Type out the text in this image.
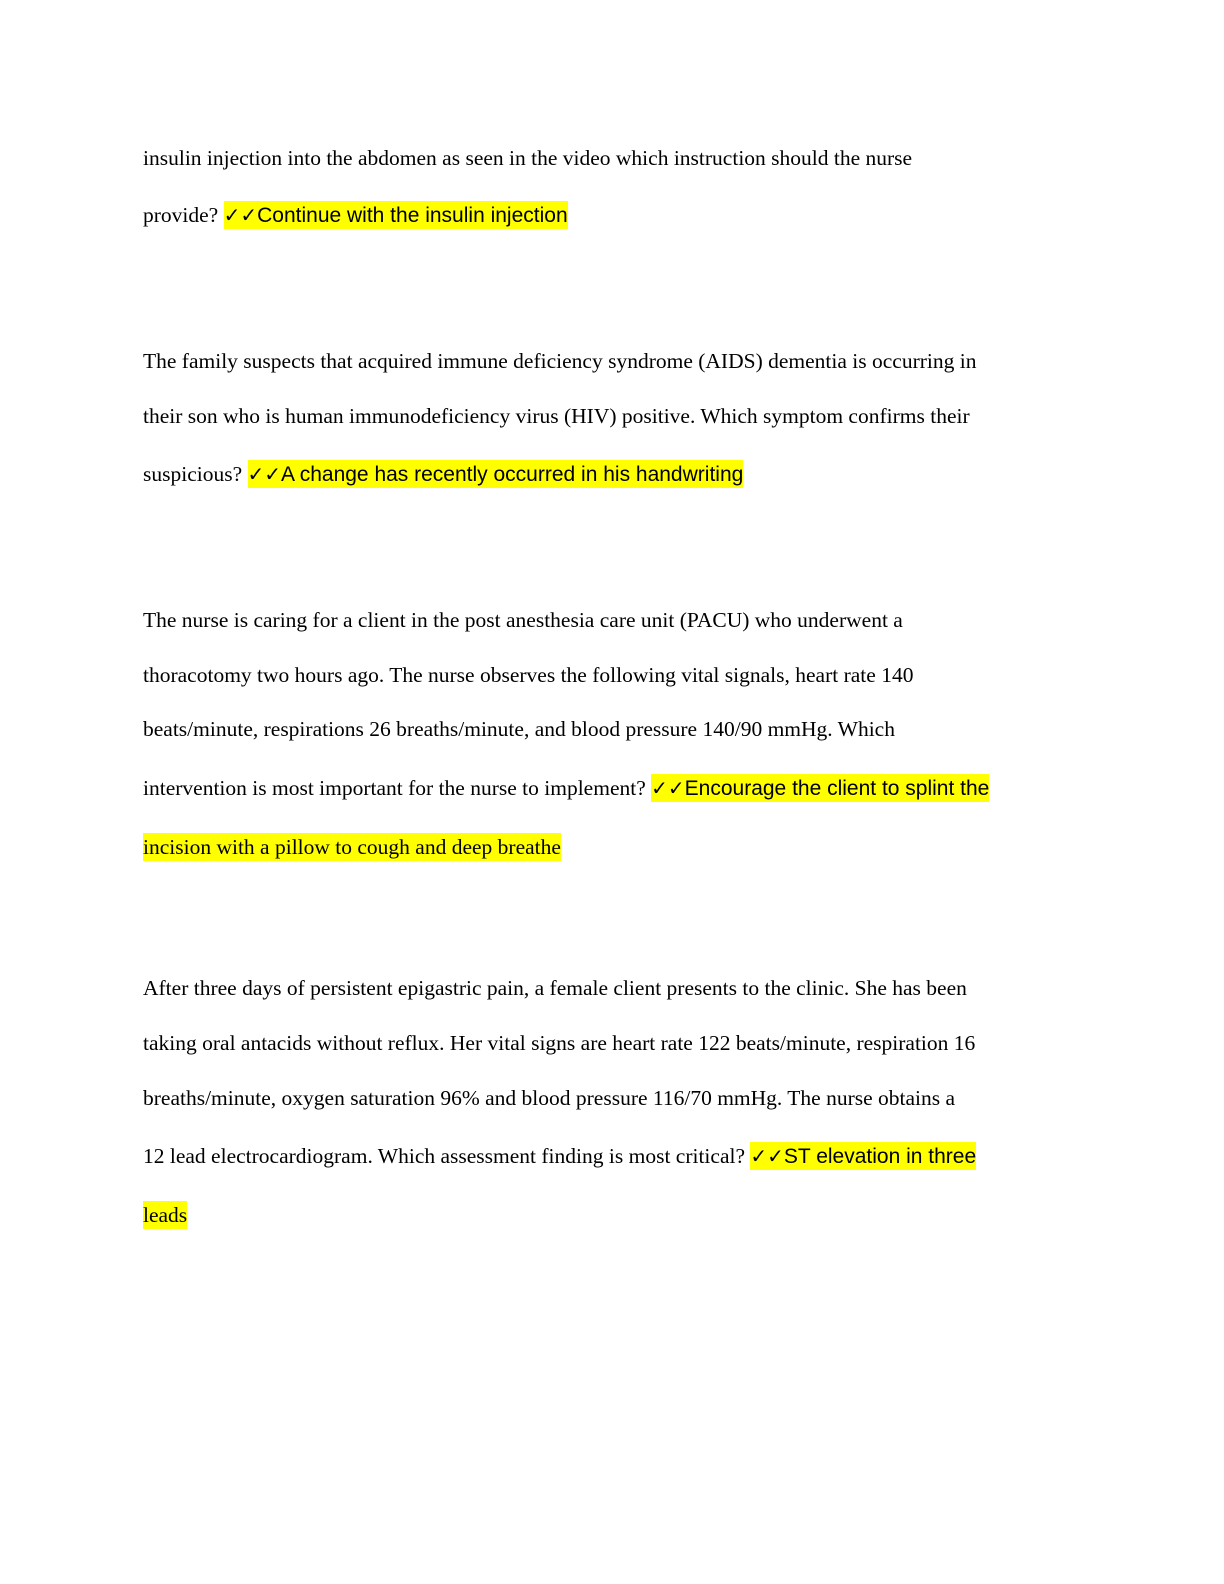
insulin injection into the abdomen as seen in the video which instruction should the nurse
provide? ✓✓Continue with the insulin injection
The family suspects that acquired immune deficiency syndrome (AIDS) dementia is occurring in
their son who is human immunodeficiency virus (HIV) positive. Which symptom confirms their
suspicious? ✓✓A change has recently occurred in his handwriting
The nurse is caring for a client in the post anesthesia care unit (PACU) who underwent a
thoracotomy two hours ago. The nurse observes the following vital signals, heart rate 140
beats/minute, respirations 26 breaths/minute, and blood pressure 140/90 mmHg. Which
intervention is most important for the nurse to implement? ✓✓Encourage the client to splint the
incision with a pillow to cough and deep breathe
After three days of persistent epigastric pain, a female client presents to the clinic. She has been
taking oral antacids without reflux. Her vital signs are heart rate 122 beats/minute, respiration 16
breaths/minute, oxygen saturation 96% and blood pressure 116/70 mmHg. The nurse obtains a
12 lead electrocardiogram. Which assessment finding is most critical? ✓✓ST elevation in three
leads
